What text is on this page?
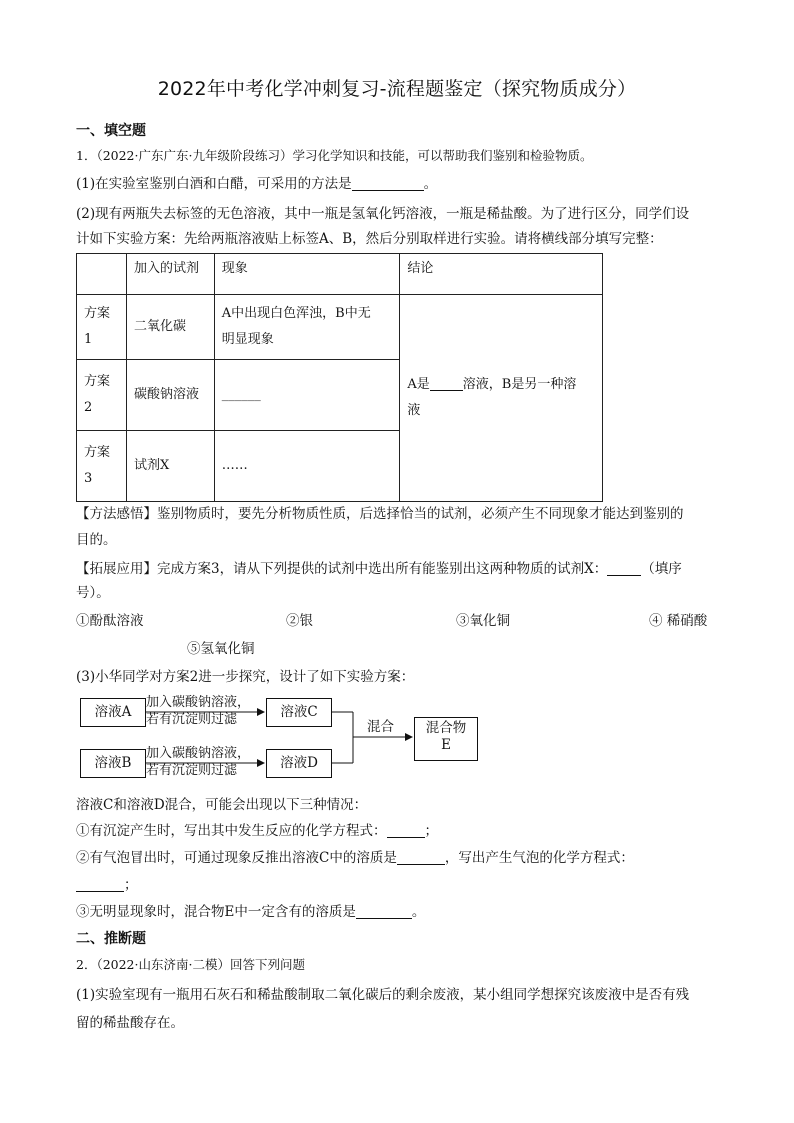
2022年中考化学冲刺复习-流程题鉴定（探究物质成分）
一、填空题
1．（2022·广东广东·九年级阶段练习）学习化学知识和技能，可以帮助我们鉴别和检验物质。
(1)在实验室鉴别白酒和白醋，可采用的方法是	。
(2)现有两瓶失去标签的无色溶液，其中一瓶是氢氧化钙溶液，一瓶是稀盐酸。为了进行区分，同学们设
计如下实验方案：先给两瓶溶液贴上标签A、B，然后分别取样进行实验。请将横线部分填写完整：
	加入的试剂	现象	结论
方案
1	二氧化碳	A中出现白色浑浊，B中无
明显现象	A是 溶液，B是另一种溶
液
方案
2	碳酸钠溶液	______	
方案
3	试剂X	……	
【方法感悟】鉴别物质时，要先分析物质性质，后选择恰当的试剂，必须产生不同现象才能达到鉴别的
目的。
【拓展应用】完成方案3，请从下列提供的试剂中选出所有能鉴别出这两种物质的试剂X：	（填序
号）。
①酚酞溶液	②银	③氧化铜	④ 稀硝酸
⑤氢氧化铜
(3)小华同学对方案2进一步探究，设计了如下实验方案：
溶液A
溶液B
溶液C
溶液D
混合物
E
加入碳酸钠溶液，
若有沉淀则过滤
加入碳酸钠溶液，
若有沉淀则过滤
混合
溶液C和溶液D混合，可能会出现以下三种情况：
①有沉淀产生时，写出其中发生反应的化学方程式：	；
②有气泡冒出时，可通过现象反推出溶液C中的溶质是	，写出产生气泡的化学方程式：
；
③无明显现象时，混合物E中一定含有的溶质是	。
二、推断题
2．（2022·山东济南·二模）回答下列问题
(1)实验室现有一瓶用石灰石和稀盐酸制取二氧化碳后的剩余废液，某小组同学想探究该废液中是否有残
留的稀盐酸存在。
